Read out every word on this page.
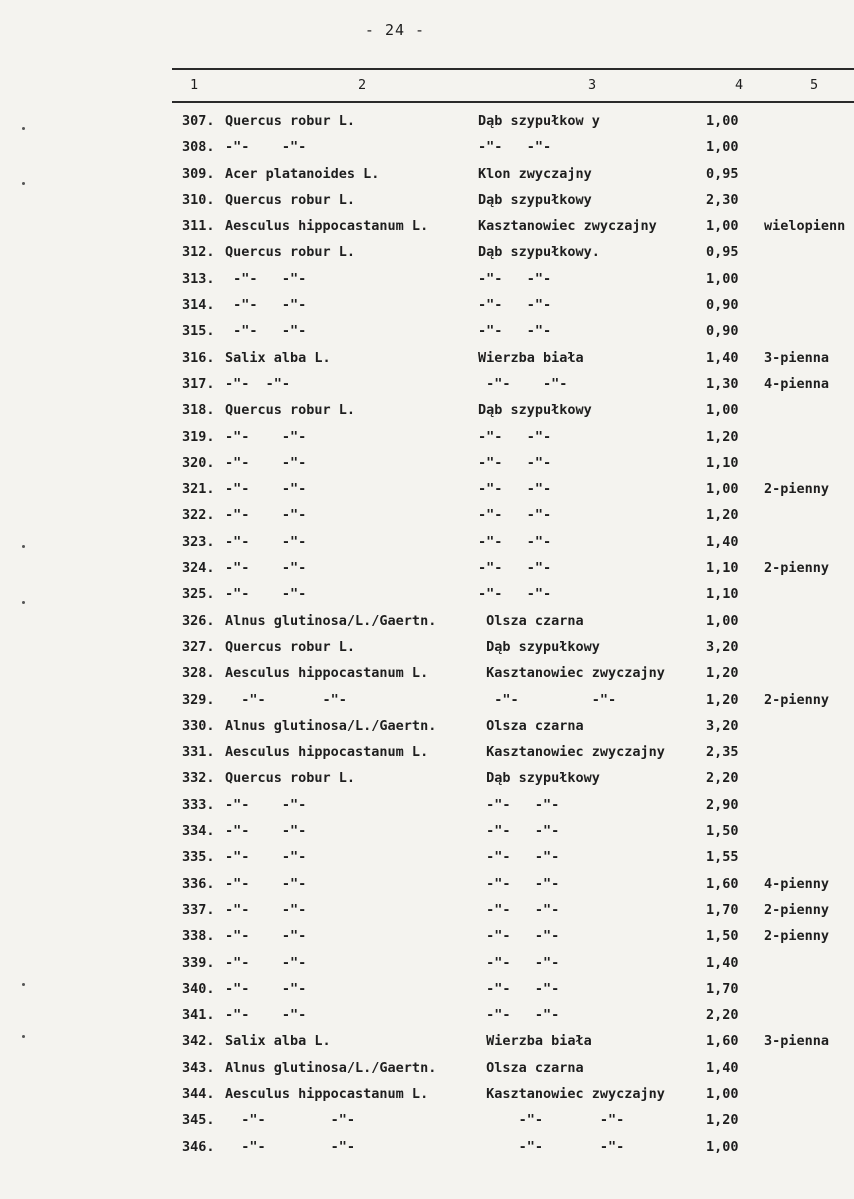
- 24 -
1	2	3	4	5
307. Quercus robur L.	Dąb szypułkow y	1,00
308. -"-    -"-	-"-   -"-	1,00
309. Acer platanoides L.	Klon zwyczajny	0,95
310. Quercus robur L.	Dąb szypułkowy	2,30
311. Aesculus hippocastanum L.	Kasztanowiec zwyczajny	1,00 wielopienn
312. Quercus robur L.	Dąb szypułkowy.	0,95
313. -"-   -"-	-"-   -"-	1,00
314. -"-   -"-	-"-   -"-	0,90
315. -"-   -"-	-"-   -"-	0,90
316. Salix alba L.	Wierzba biała	1,40 3-pienna
317. -"-  -"-	-"-    -"-	1,30 4-pienna
318. Quercus robur L.	Dąb szypułkowy	1,00
319. -"-    -"-	-"-   -"-	1,20
320. -"-    -"-	-"-   -"-	1,10
321. -"-    -"-	-"-   -"-	1,00 2-pienny
322. -"-    -"-	-"-   -"-	1,20
323. -"-    -"-	-"-   -"-	1,40
324. -"-    -"-	-"-   -"-	1,10 2-pienny
325. -"-    -"-	-"-   -"-	1,10
326. Alnus glutinosa/L./Gaertn.	Olsza czarna	1,00
327. Quercus robur L.	Dąb szypułkowy	3,20
328. Aesculus hippocastanum L.	Kasztanowiec zwyczajny	1,20
329. -"-       -"-	-"-         -"-	1,20 2-pienny
330. Alnus glutinosa/L./Gaertn.	Olsza czarna	3,20
331. Aesculus hippocastanum L.	Kasztanowiec zwyczajny	2,35
332. Quercus robur L.	Dąb szypułkowy	2,20
333. -"-    -"-	-"-   -"-	2,90
334. -"-    -"-	-"-   -"-	1,50
335. -"-    -"-	-"-   -"-	1,55
336. -"-    -"-	-"-   -"-	1,60 4-pienny
337. -"-    -"-	-"-   -"-	1,70 2-pienny
338. -"-    -"-	-"-   -"-	1,50 2-pienny
339. -"-    -"-	-"-   -"-	1,40
340. -"-    -"-	-"-   -"-	1,70
341. -"-    -"-	-"-   -"-	2,20
342. Salix alba L.	Wierzba biała	1,60 3-pienna
343. Alnus glutinosa/L./Gaertn.	Olsza czarna	1,40
344. Aesculus hippocastanum L.	Kasztanowiec zwyczajny	1,00
345. -"-        -"-	-"-       -"-	1,20
346. -"-        -"-	-"-       -"-	1,00
